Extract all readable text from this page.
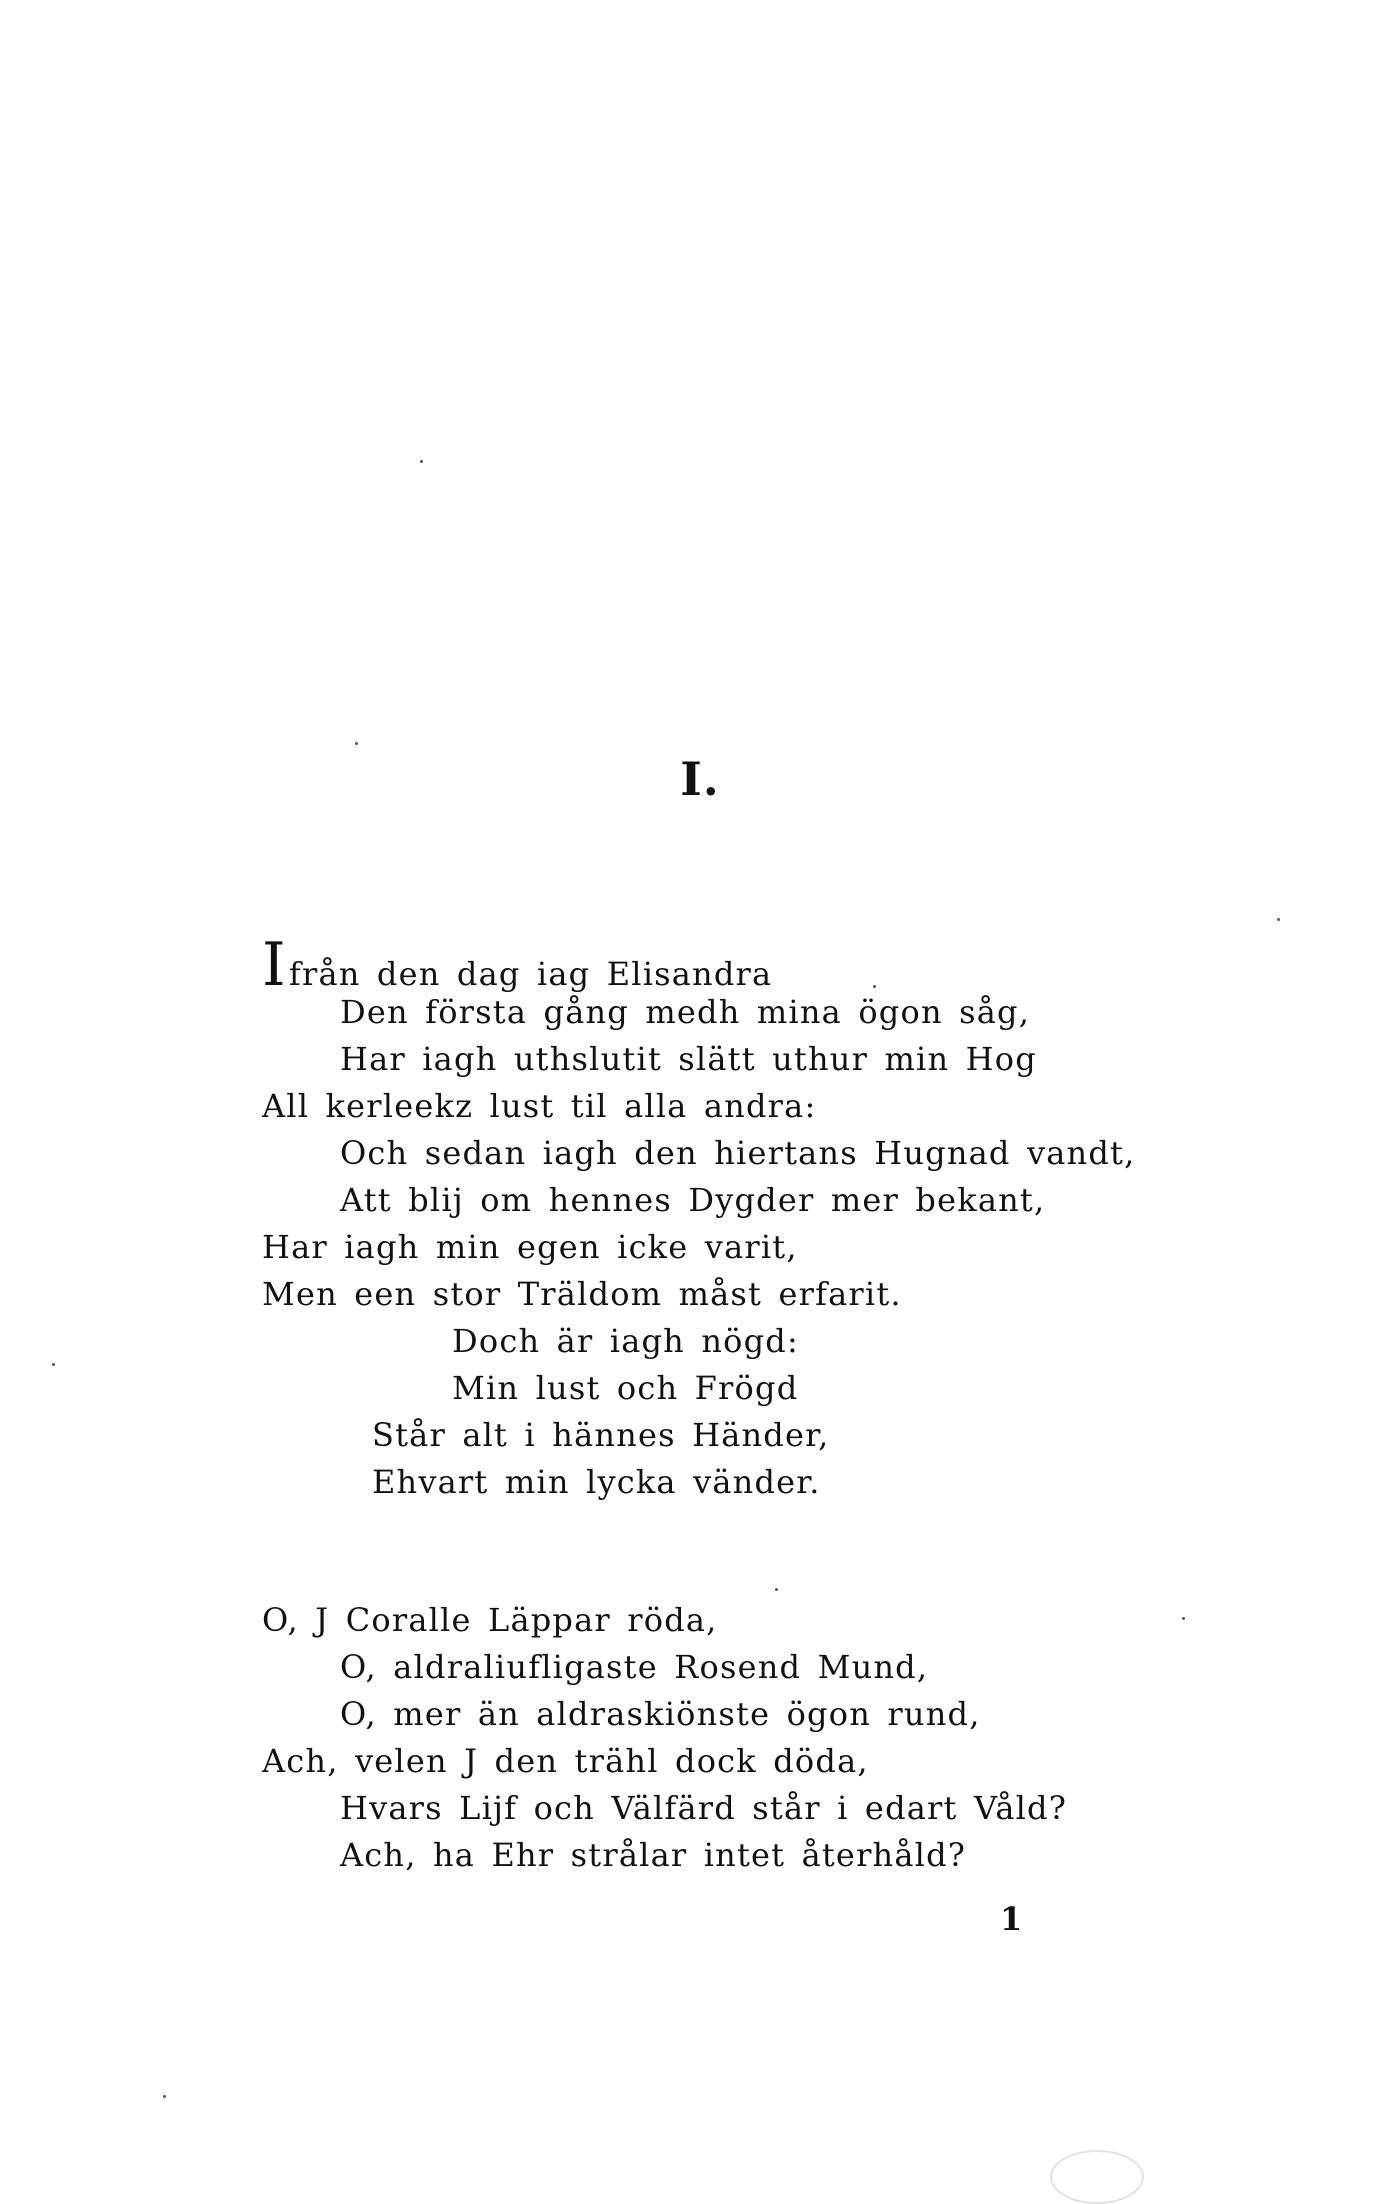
I.
Ifrån den dag iag Elisandra
Den första gång medh mina ögon såg,
Har iagh uthslutit slätt uthur min Hog
All kerleekz lust til alla andra:
Och sedan iagh den hiertans Hugnad vandt,
Att blij om hennes Dygder mer bekant,
Har iagh min egen icke varit,
Men een stor Träldom måst erfarit.
Doch är iagh nögd:
Min lust och Frögd
Står alt i hännes Händer,
Ehvart min lycka vänder.
O, J Coralle Läppar röda,
O, aldraliufligaste Rosend Mund,
O, mer än aldraskiönste ögon rund,
Ach, velen J den trähl dock döda,
Hvars Lijf och Välfärd står i edart Våld?
Ach, ha Ehr strålar intet återhåld?
1
